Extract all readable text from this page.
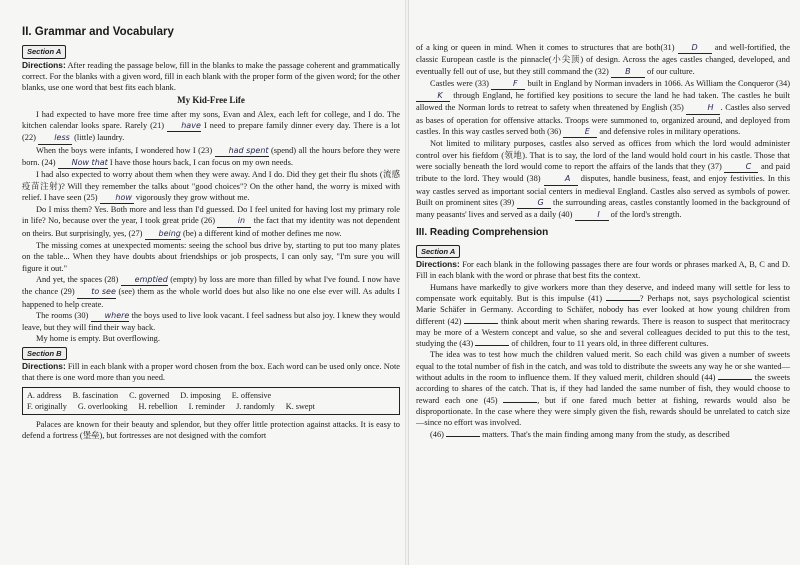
II. Grammar and Vocabulary
Section A

Directions: After reading the passage below, fill in the blanks to make the passage coherent and grammatically correct. For the blanks with a given word, fill in each blank with the proper form of the given word; for the other blanks, use one word that best fits each blank.

My Kid-Free Life

I had expected to have more free time after my sons, Evan and Alex, each left for college, and I do. The kitchen calendar looks spare. Rarely (21) have I need to prepare family dinner every day. There is a lot (22) less (little) laundry.

When the boys were infants, I wondered how I (23) had spent (spend) all the hours before they were born. (24) Now that I have those hours back, I can focus on my own needs.

I had also expected to worry about them when they were away. And I do. Did they get their flu shots (流感疫苗注射)? Will they remember the talks about "good choices"? On the other hand, the worry is mixed with relief. I have seen (25) how vigorously they grow without me.

Do I miss them? Yes. Both more and less than I'd guessed. Do I feel united for having lost my primary role in life? No, because over the year, I took great pride (26)	in the fact that my identity was not dependent on theirs. But surprisingly, yes, (27) being (be) a different kind of mother defines me now.

The missing comes at unexpected moments: seeing the school bus drive by, starting to put too many plates on the table... When they have doubts about friendships or job prospects, I can only say, "I'm sure you will figure it out."

And yet, the spaces (28) emptied (empty) by loss are more than filled by what I've found. I now have the chance (29) to see (see) them as the whole world does but also like no one else ever will. As adults I happened to help create.

The rooms (30) where the boys used to live look vacant. I feel sadness but also joy. I knew they would leave, but they will find their way back.

My home is empty. But overflowing.

Section B

Directions: Fill in each blank with a proper word chosen from the box. Each word can be used only once. Note that there is one word more than you need.

A. address B. fascination C. governed D. imposing E. offensive
F. originally G. overlooking H. rebellion I. reminder J. randomly K. swept

Palaces are known for their beauty and splendor, but they offer little protection against attacks. It is easy to defend a fortress (堡垒), but fortresses are not designed with the comfort

of a king or queen in mind. When it comes to structures that are both(31) D and well-fortified, the classic European castle is the pinnacle(小尖顶) of design. Across the ages castles changed, developed, and eventually fell out of use, but they still command the (32) B of our culture.

Castles were (33)	F built in England by Norman invaders in 1066. As William the Conqueror (34) K through England, he fortified key positions to secure the land he had taken. The castles he built allowed the Norman lords to retreat to safety when threatened by English (35)	H . Castles also served as bases of operation for offensive attacks. Troops were summoned to, organized around, and deployed from castles. In this way castles served both (36)	E and defensive roles in military operations.

Not limited to military purposes, castles also served as offices from which the lord would administer control over his fiefdom (领地). That is to say, the lord of the land would hold court in his castle. Those that were socially beneath the lord would come to report the affairs of the lands that they (37)	C and paid tribute to the lord. They would (38)	A disputes, handle business, feast, and enjoy festivities. In this way castles served as important social centers in medieval England. Castles also served as symbols of power. Built on prominent sites (39)	G the surrounding areas, castles constantly loomed in the background of many peasants' lives and served as a daily (40)	I of the lord's strength.

III. Reading Comprehension
Section A

Directions: For each blank in the following passages there are four words or phrases marked A, B, C and D. Fill in each blank with the word or phrase that best fits the context.

Humans have markedly to give workers more than they deserve, and indeed many will settle for less to compensate work equitably. But is this impulse (41)	? Perhaps not, says psychological scientist Marie Schäfer in Germany. According to Schäfer, nobody has ever looked at how young children from different (42)	think about merit when sharing rewards. There is reason to suspect that meritocracy may be more of a Western concept and value, so she and several colleagues decided to put this to the test, studying the (43)	of children, four to 11 years old, in three different cultures.

The idea was to test how much the children valued merit. So each child was given a number of sweets equal to the total number of fish in the catch, and was told to distribute the sweets any way he or she wanted—without adults in the room to influence them. If they valued merit, children should (44)	the sweets according to shares of the catch. That is, if they had landed the same number of fish, they would choose to reward each one (45)	, but if one fared much better at fishing, rewards would also be disproportionate. In the case where they were simply given the fish, rewards should be unrelated to catch size—since no effort was involved.

(46)	matters. That's the main finding among many from the study, as described
